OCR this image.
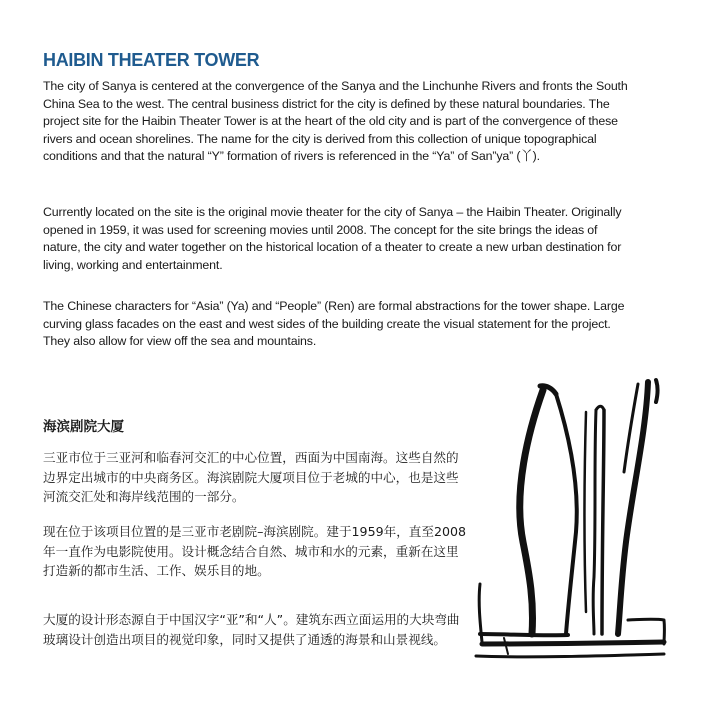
HAIBIN THEATER TOWER

The city of Sanya is centered at the convergence of the Sanya and the Linchunhe Rivers and fronts the South China Sea to the west. The central business district for the city is defined by these natural boundaries. The project site for the Haibin Theater Tower is at the heart of the old city and is part of the convergence of these rivers and ocean shorelines. The name for the city is derived from this collection of unique topographical conditions and that the natural “Y” formation of rivers is referenced in the “Ya” of San”ya” (丫).

Currently located on the site is the original movie theater for the city of Sanya – the Haibin Theater. Originally opened in 1959, it was used for screening movies until 2008. The concept for the site brings the ideas of nature, the city and water together on the historical location of a theater to create a new urban destination for living, working and entertainment.

The Chinese characters for “Asia” (Ya) and “People” (Ren) are formal abstractions for the tower shape. Large curving glass facades on the east and west sides of the building create the visual statement for the project. They also allow for view off the sea and mountains.

海滨剧院大厦

三亚市位于三亚河和临春河交汇的中心位置，西面为中国南海。这些自然的边界定出城市的中央商务区。海滨剧院大厦项目位于老城的中心，也是这些河流交汇处和海岸线范围的一部分。

现在位于该项目位置的是三亚市老剧院–海滨剧院。建于1959年，直至2008年一直作为电影院使用。设计概念结合自然、城市和水的元素，重新在这里打造新的都市生活、工作、娱乐目的地。

大厦的设计形态源自于中国汉字“亚”和“人”。建筑东西立面运用的大块弯曲玻璃设计创造出项目的视觉印象，同时又提供了通透的海景和山景视线。
